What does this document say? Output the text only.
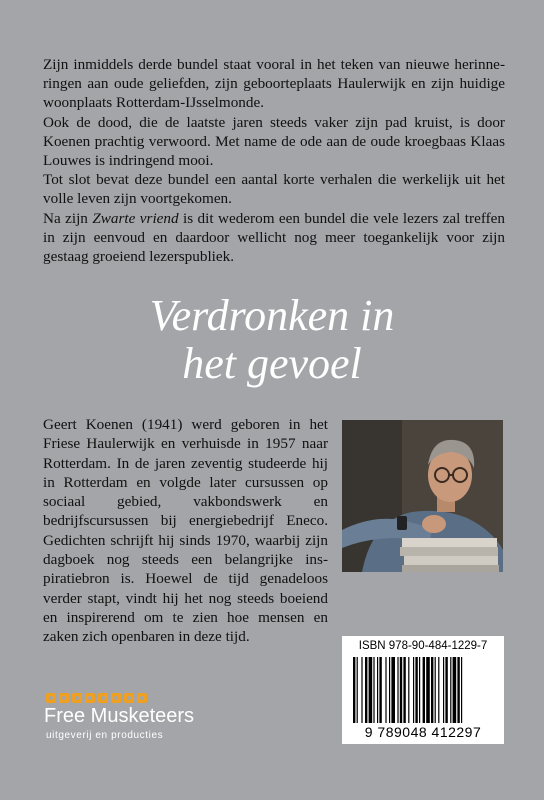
Zijn inmiddels derde bundel staat vooral in het teken van nieuwe herinneringen aan oude geliefden, zijn geboorteplaats Haulerwijk en zijn huidige woonplaats Rotterdam-IJsselmonde.

Ook de dood, die de laatste jaren steeds vaker zijn pad kruist, is door Koenen prachtig verwoord. Met name de ode aan de oude kroegbaas Klaas Louwes is indringend mooi.

Tot slot bevat deze bundel een aantal korte verhalen die werkelijk uit het volle leven zijn voortgekomen.

Na zijn Zwarte vriend is dit wederom een bundel die vele lezers zal treffen in zijn eenvoud en daardoor wellicht nog meer toegankelijk voor zijn gestaag groeiend lezerspubliek.

Verdronken in
het gevoel
Geert Koenen (1941) werd geboren in het Friese Haulerwijk en verhuisde in 1957 naar Rotterdam. In de jaren zeventig studeerde hij in Rotterdam en volgde later cursussen op sociaal gebied, vakbondswerk en bedrijfscursussen bij energiebedrijf Eneco. Gedichten schrijft hij sinds 1970, waarbij zijn dagboek nog steeds een belangrijke inspiratiebron is. Hoewel de tijd genadeloos verder stapt, vindt hij het nog steeds boeiend en inspirerend om te zien hoe mensen en zaken zich openbaren in deze tijd.
ISBN 978-90-484-1229-7
9 789048 412297
Free Musketeers
uitgeverij en producties
